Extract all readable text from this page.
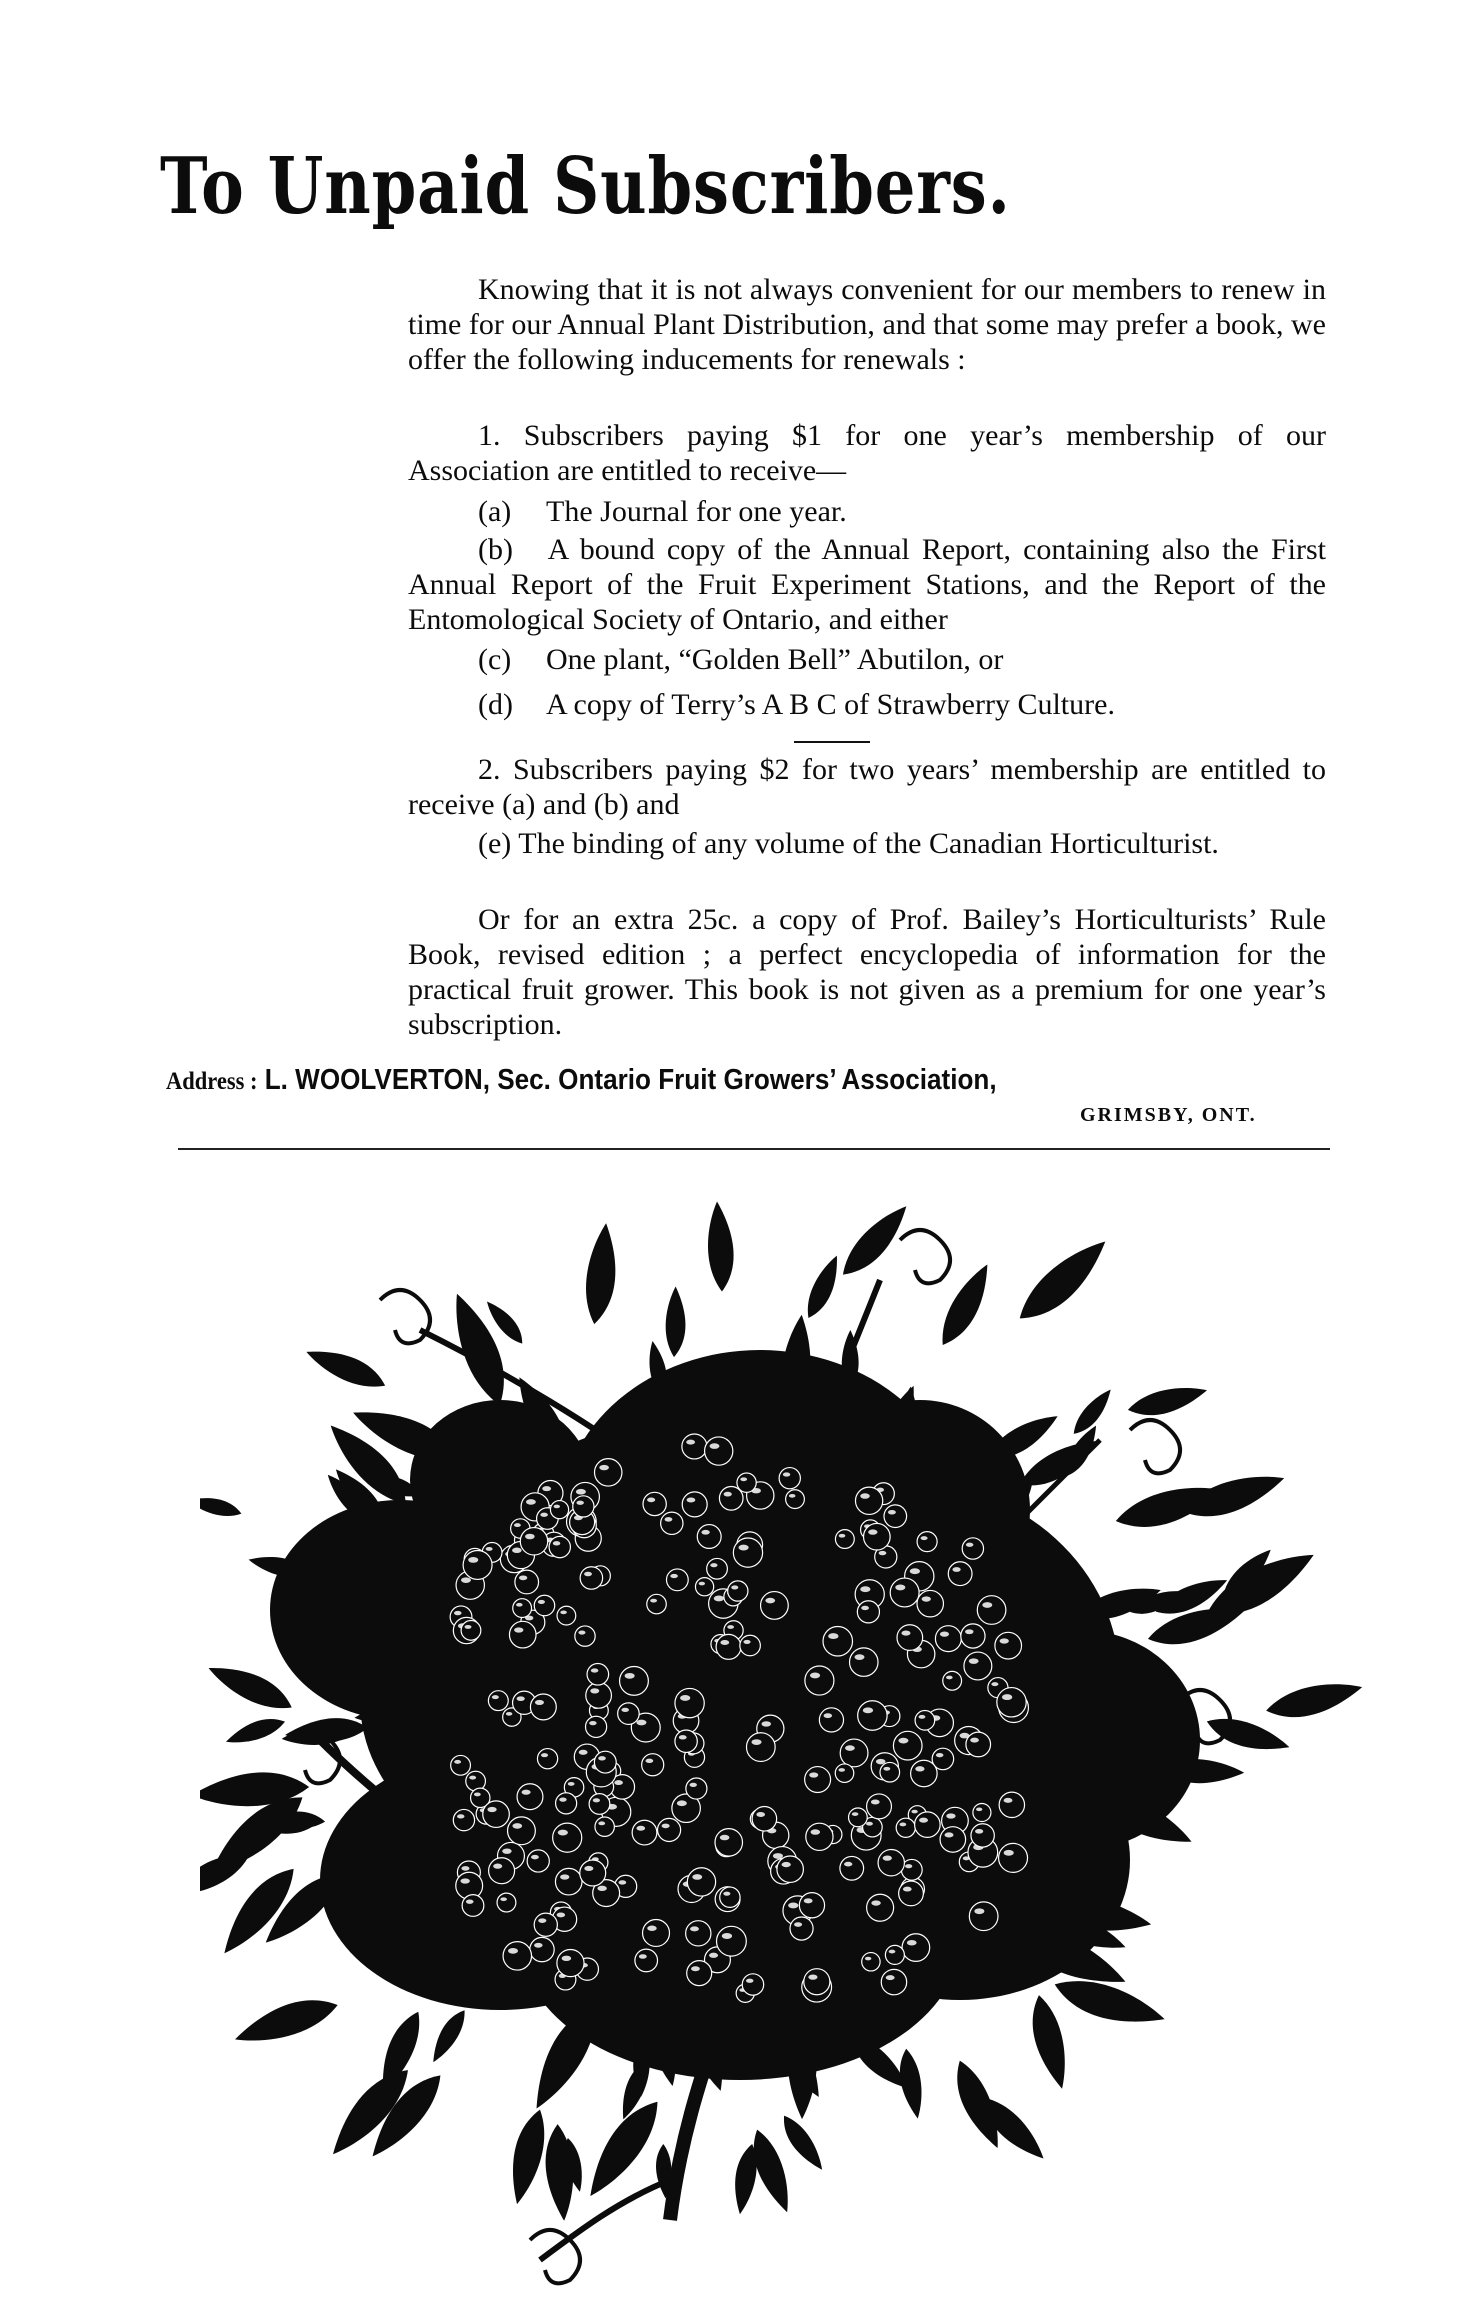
To Unpaid Subscribers.
Knowing that it is not always convenient for our members to renew in time for our Annual Plant Distribution, and that some may prefer a book, we offer the following inducements for renewals :
1. Subscribers paying $1 for one year’s membership of our Association are entitled to receive—
(a) The Journal for one year.
(b) A bound copy of the Annual Report, containing also the First Annual Report of the Fruit Experiment Stations, and the Report of the Entomological Society of Ontario, and either
(c) One plant, “Golden Bell” Abutilon, or
(d) A copy of Terry’s A B C of Strawberry Culture.
2. Subscribers paying $2 for two years’ membership are entitled to receive (a) and (b) and
(e) The binding of any volume of the Canadian Horticulturist.
Or for an extra 25c. a copy of Prof. Bailey’s Horticulturists’ Rule Book, revised edition ; a perfect encyclopedia of information for the practical fruit grower. This book is not given as a premium for one year’s subscription.
Address : L. WOOLVERTON, Sec. Ontario Fruit Growers’ Association,
GRIMSBY, ONT.
